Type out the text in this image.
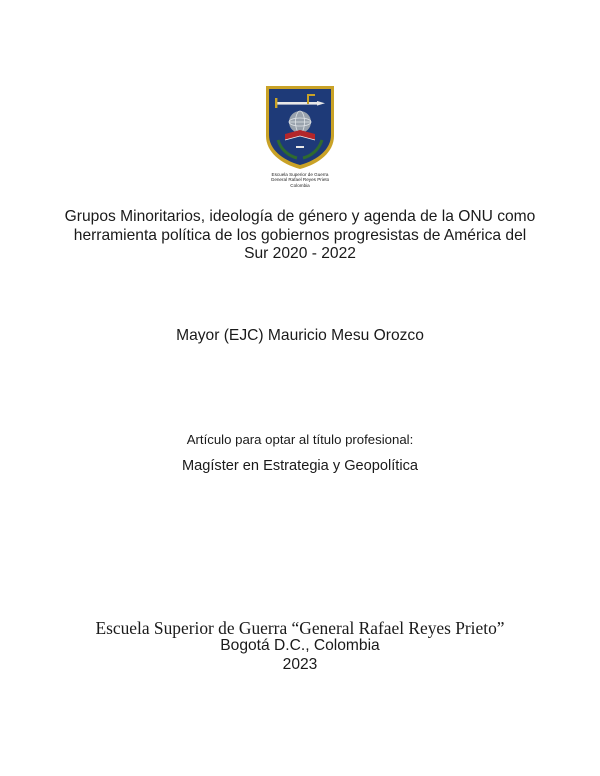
Escuela Superior de Guerra
General Rafael Reyes Prieto
Colombia
Grupos Minoritarios, ideología de género y agenda de la ONU como
herramienta política de los gobiernos progresistas de América del
Sur 2020 - 2022
Mayor (EJC) Mauricio Mesu Orozco
Artículo para optar al título profesional:
Magíster en Estrategia y Geopolítica
Escuela Superior de Guerra “General Rafael Reyes Prieto”
Bogotá D.C., Colombia
2023
